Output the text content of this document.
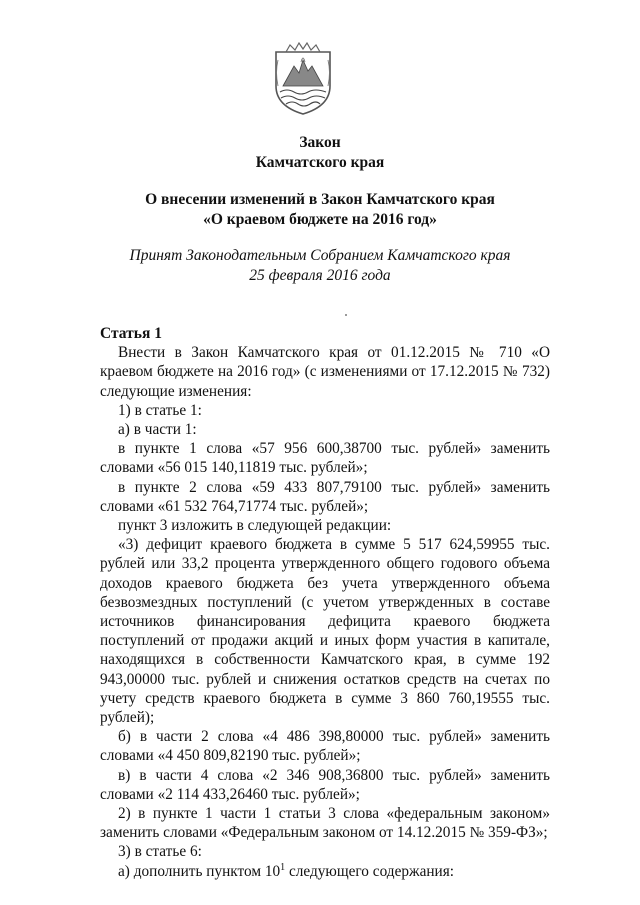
Закон
Камчатского края
О внесении изменений в Закон Камчатского края
«О краевом бюджете на 2016 год»
Принят Законодательным Собранием Камчатского края
25 февраля 2016 года

Статья 1

Внести в Закон Камчатского края от 01.12.2015 № 710 «О краевом бюджете на 2016 год» (с изменениями от 17.12.2015 № 732) следующие изменения:

1) в статье 1:

а) в части 1:

в пункте 1 слова «57 956 600,38700 тыс. рублей» заменить словами «56 015 140,11819 тыс. рублей»;

в пункте 2 слова «59 433 807,79100 тыс. рублей» заменить словами «61 532 764,71774 тыс. рублей»;

пункт 3 изложить в следующей редакции:

«3) дефицит краевого бюджета в сумме 5 517 624,59955 тыс. рублей или 33,2 процента утвержденного общего годового объема доходов краевого бюджета без учета утвержденного объема безвозмездных поступлений (с учетом утвержденных в составе источников финансирования дефицита краевого бюджета поступлений от продажи акций и иных форм участия в капитале, находящихся в собственности Камчатского края, в сумме 192 943,00000 тыс. рублей и снижения остатков средств на счетах по учету средств краевого бюджета в сумме 3 860 760,19555 тыс. рублей);

б) в части 2 слова «4 486 398,80000 тыс. рублей» заменить словами «4 450 809,82190 тыс. рублей»;

в) в части 4 слова «2 346 908,36800 тыс. рублей» заменить словами «2 114 433,26460 тыс. рублей»;

2) в пункте 1 части 1 статьи 3 слова «федеральным законом» заменить словами «Федеральным законом от 14.12.2015 № 359-ФЗ»;

3) в статье 6:

а) дополнить пунктом $10^1$ следующего содержания:
